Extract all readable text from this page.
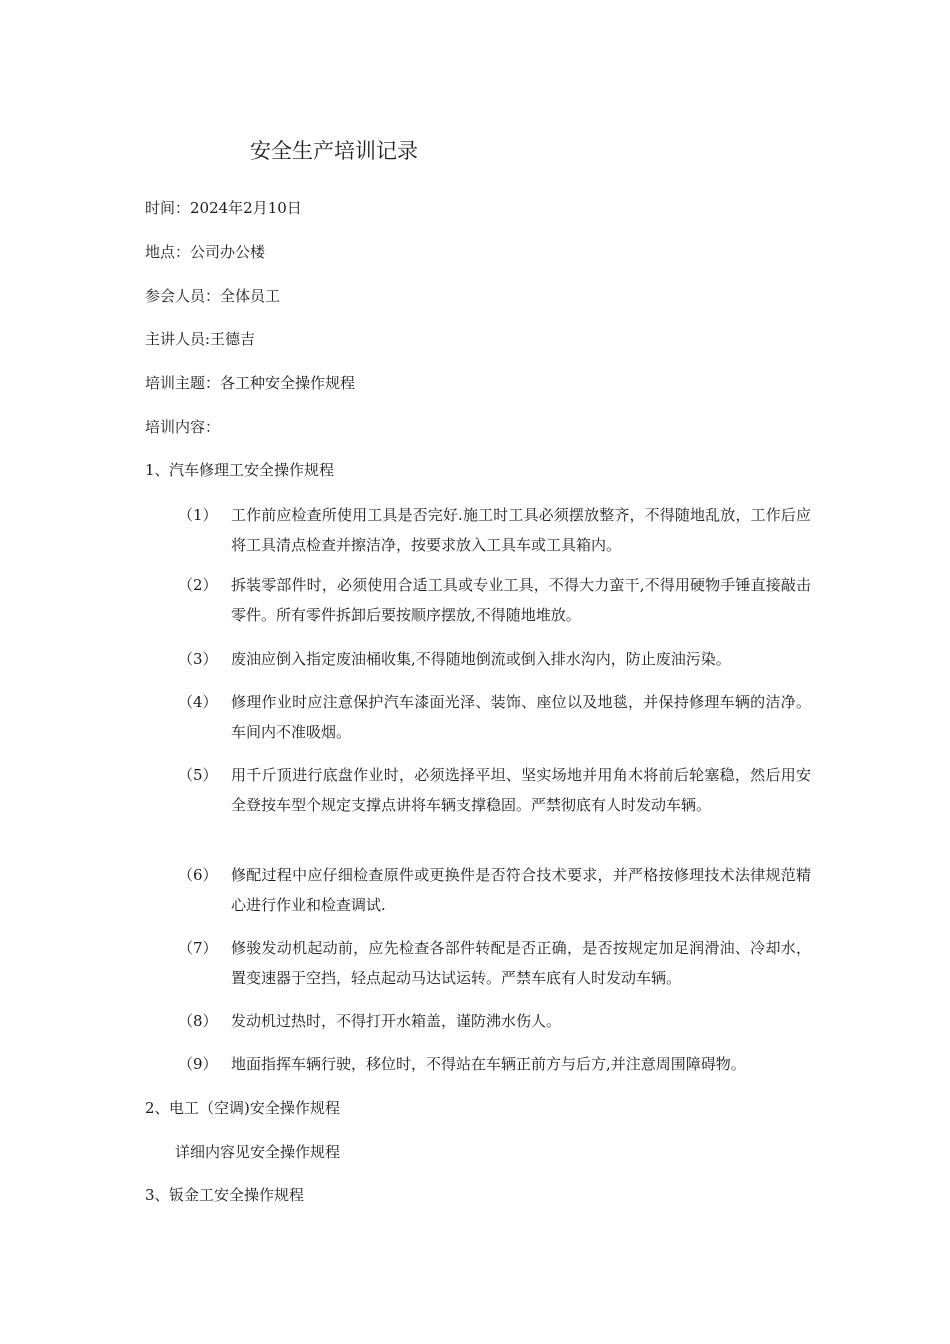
安全生产培训记录
时间：2024年2月10日
地点：公司办公楼
参会人员：全体员工
主讲人员:王德吉
培训主题：各工种安全操作规程
培训内容：
1、汽车修理工安全操作规程
（1） 工作前应检查所使用工具是否完好.施工时工具必须摆放整齐，不得随地乱放，工作后应将工具清点检查并擦洁净，按要求放入工具车或工具箱内。
（2） 拆装零部件时，必须使用合适工具或专业工具，不得大力蛮干,不得用硬物手锤直接敲击零件。所有零件拆卸后要按顺序摆放,不得随地堆放。
（3） 废油应倒入指定废油桶收集,不得随地倒流或倒入排水沟内，防止废油污染。
（4） 修理作业时应注意保护汽车漆面光泽、装饰、座位以及地毯，并保持修理车辆的洁净。车间内不准吸烟。
（5） 用千斤顶进行底盘作业时，必须选择平坦、坚实场地并用角木将前后轮塞稳，然后用安全登按车型个规定支撑点讲将车辆支撑稳固。严禁彻底有人时发动车辆。
（6） 修配过程中应仔细检查原件或更换件是否符合技术要求，并严格按修理技术法律规范精心进行作业和检查调试.
（7） 修骏发动机起动前，应先检查各部件转配是否正确，是否按规定加足润滑油、冷却水，置变速器于空挡，轻点起动马达试运转。严禁车底有人时发动车辆。
（8） 发动机过热时，不得打开水箱盖，谨防沸水伤人。
（9） 地面指挥车辆行驶，移位时，不得站在车辆正前方与后方,并注意周围障碍物。
2、电工（空调)安全操作规程
详细内容见安全操作规程
3、钣金工安全操作规程
